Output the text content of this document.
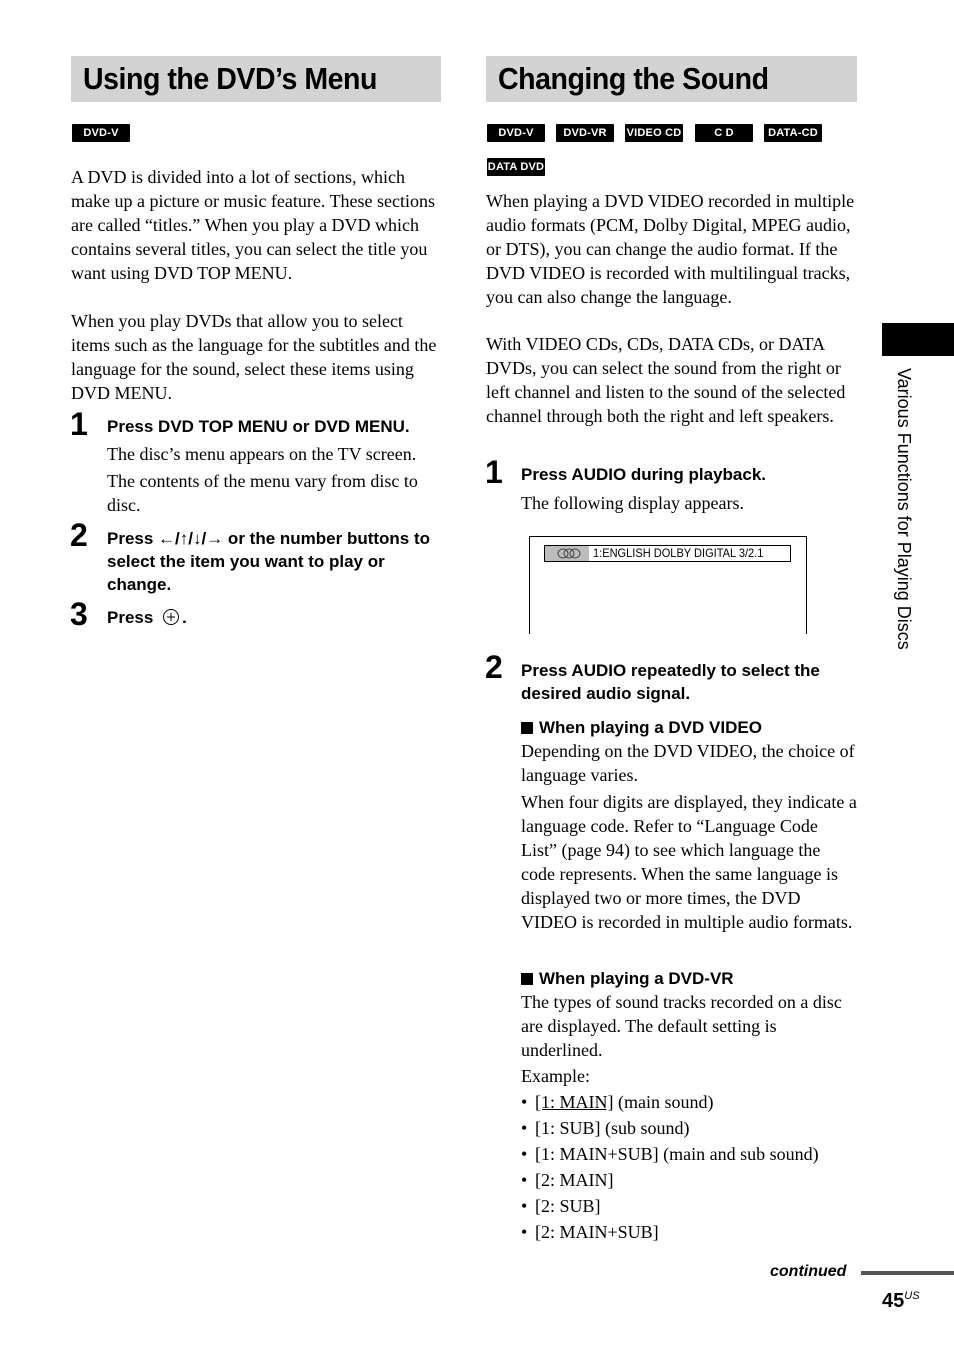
Using the DVD’s Menu
DVD-V

A DVD is divided into a lot of sections, which make up a picture or music feature. These sections are called “titles.” When you play a DVD which contains several titles, you can select the title you want using DVD TOP MENU.

When you play DVDs that allow you to select items such as the language for the subtitles and the language for the sound, select these items using DVD MENU.

1 Press DVD TOP MENU or DVD MENU.

The disc’s menu appears on the TV screen.

The contents of the menu vary from disc to disc.

2 Press ←/↑/↓/→ or the number buttons to select the item you want to play or change.

3 Press .

Changing the Sound
DVD-V	DVD-VR	VIDEO CD	C D	DATA-CD
DATA DVD

When playing a DVD VIDEO recorded in multiple audio formats (PCM, Dolby Digital, MPEG audio, or DTS), you can change the audio format. If the DVD VIDEO is recorded with multilingual tracks, you can also change the language.

With VIDEO CDs, CDs, DATA CDs, or DATA DVDs, you can select the sound from the right or left channel and listen to the sound of the selected channel through both the right and left speakers.

1 Press AUDIO during playback.

The following display appears.

1:ENGLISH DOLBY DIGITAL 3/2.1
2 Press AUDIO repeatedly to select the desired audio signal.

When playing a DVD VIDEO

Depending on the DVD VIDEO, the choice of language varies.

When four digits are displayed, they indicate a language code. Refer to “Language Code List” (page 94) to see which language the code represents. When the same language is displayed two or more times, the DVD VIDEO is recorded in multiple audio formats.

When playing a DVD-VR

The types of sound tracks recorded on a disc are displayed. The default setting is underlined.

Example:

• [1: MAIN] (main sound)
• [1: SUB] (sub sound)
• [1: MAIN+SUB] (main and sub sound)
• [2: MAIN]
• [2: SUB]
• [2: MAIN+SUB]
Various Functions for Playing Discs
continued
$45^{US}$
